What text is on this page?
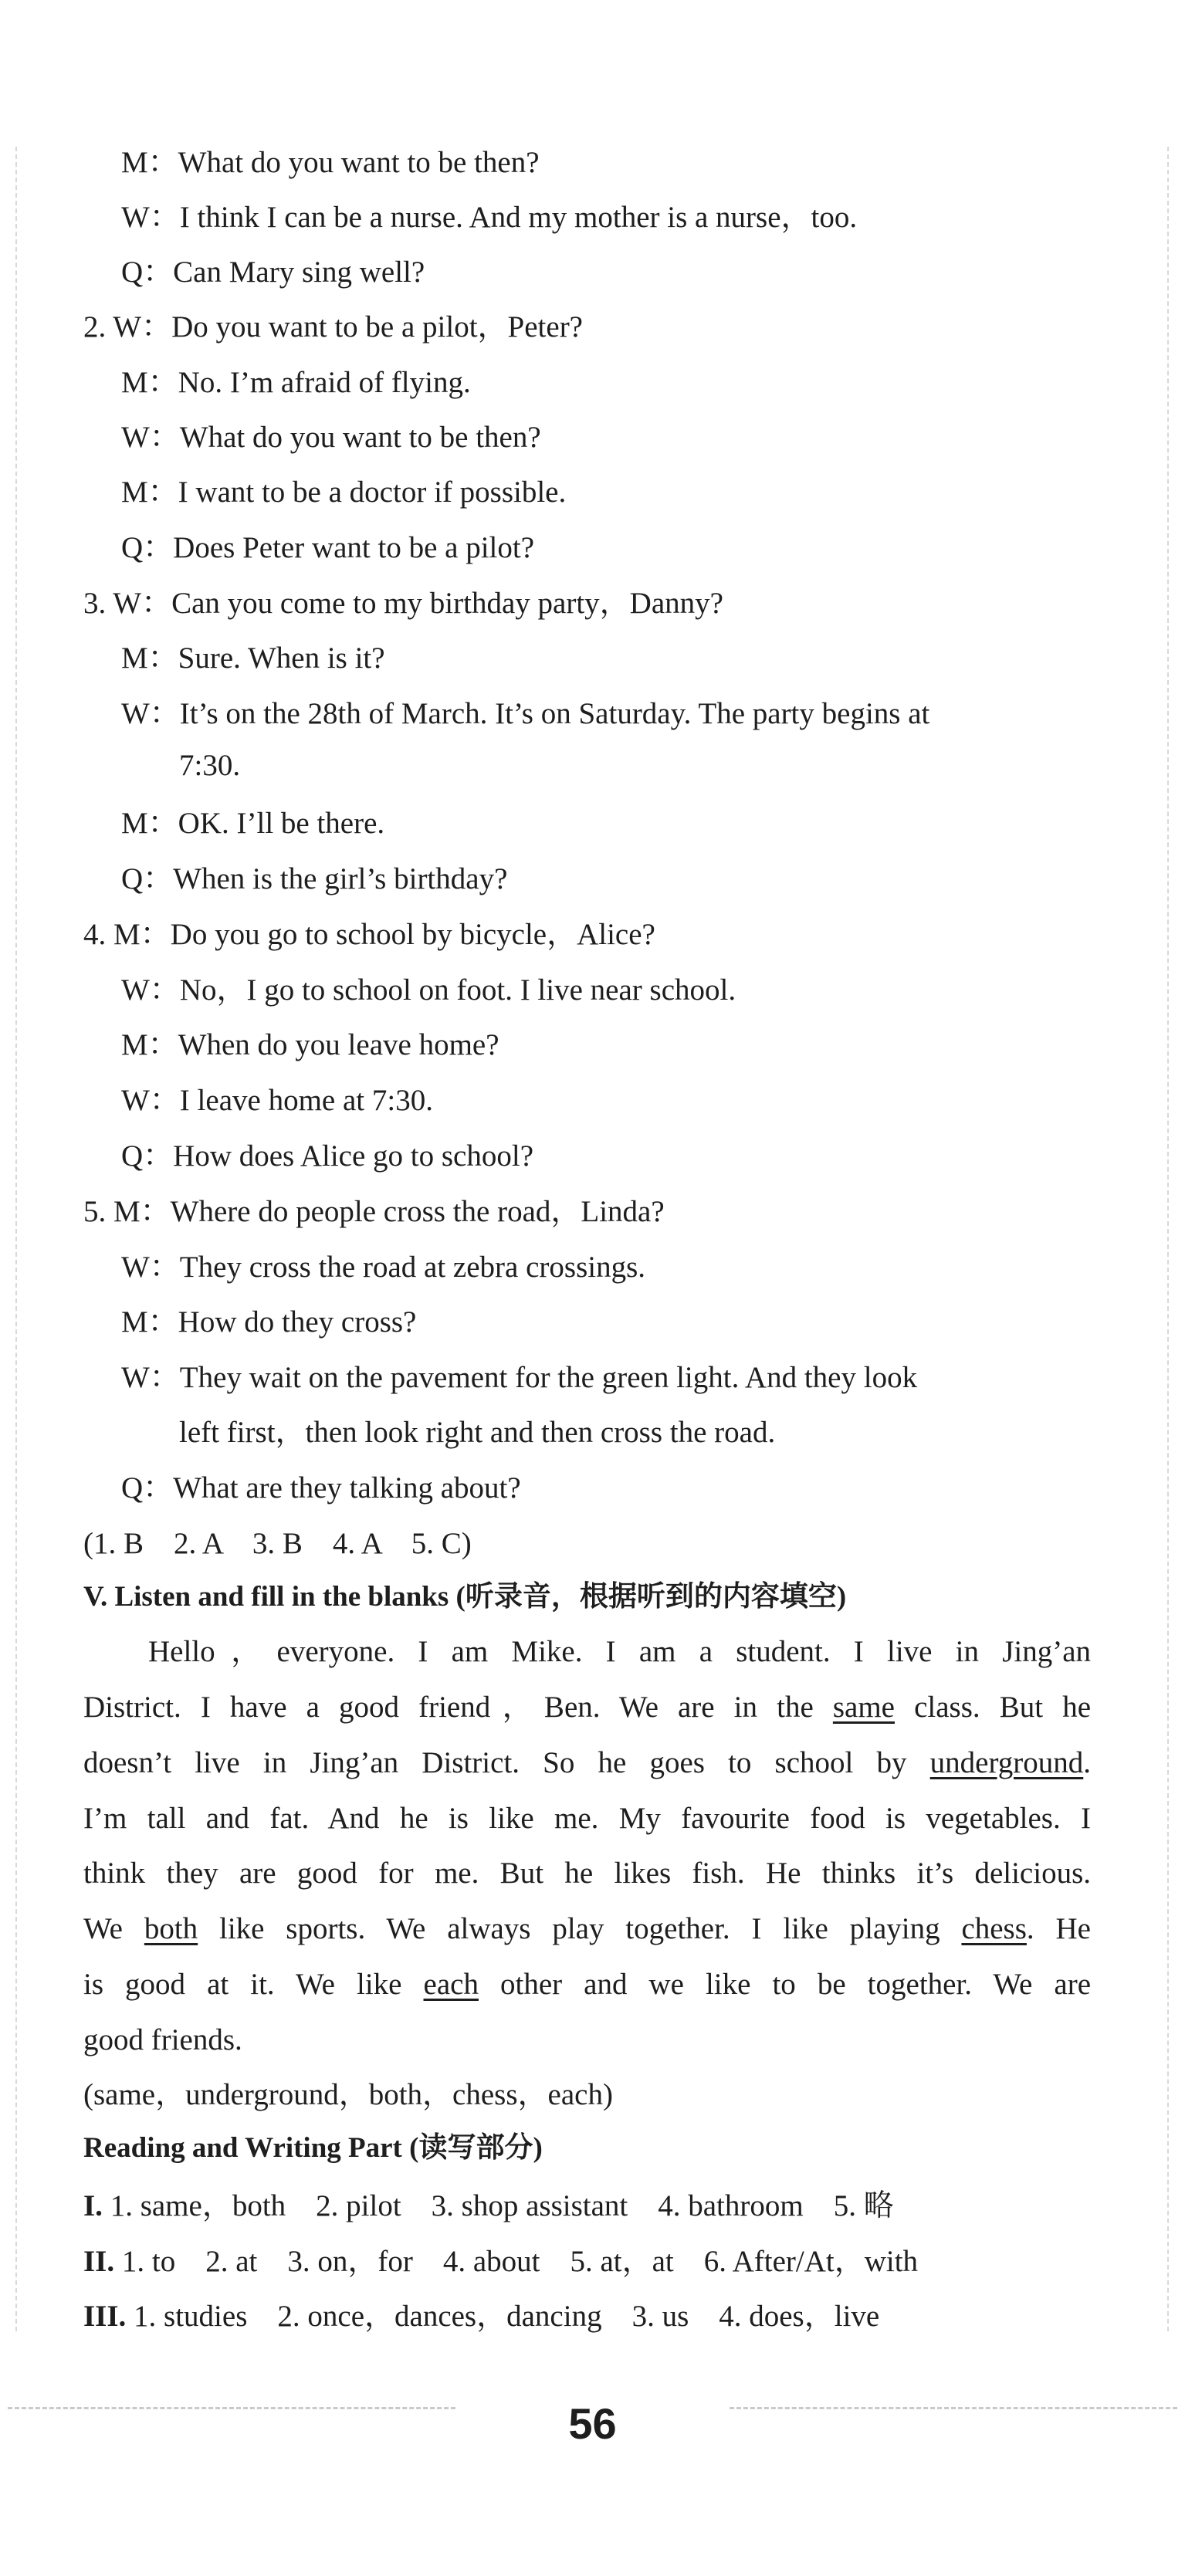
M：What do you want to be then?
W：I think I can be a nurse. And my mother is a nurse，too.
Q：Can Mary sing well?
2. W：Do you want to be a pilot，Peter?
M：No. I’m afraid of flying.
W：What do you want to be then?
M：I want to be a doctor if possible.
Q：Does Peter want to be a pilot?
3. W：Can you come to my birthday party，Danny?
M：Sure. When is it?
W：It’s on the 28th of March. It’s on Saturday. The party begins at
7:30.
M：OK. I’ll be there.
Q：When is the girl’s birthday?
4. M：Do you go to school by bicycle，Alice?
W：No，I go to school on foot. I live near school.
M：When do you leave home?
W：I leave home at 7:30.
Q：How does Alice go to school?
5. M：Where do people cross the road，Linda?
W：They cross the road at zebra crossings.
M：How do they cross?
W：They wait on the pavement for the green light. And they look
left first，then look right and then cross the road.
Q：What are they talking about?
(1. B　2. A　3. B　4. A　5. C)
V. Listen and fill in the blanks (听录音，根据听到的内容填空)
Hello，everyone. I am Mike. I am a student. I live in Jing’an
District. I have a good friend，Ben. We are in the same class. But he
doesn’t live in Jing’an District. So he goes to school by underground.
I’m tall and fat. And he is like me. My favourite food is vegetables. I
think they are good for me. But he likes fish. He thinks it’s delicious.
We both like sports. We always play together. I like playing chess. He
is good at it. We like each other and we like to be together. We are
good friends.
(same，underground，both，chess，each)
Reading and Writing Part (读写部分)
I. 1. same，both　2. pilot　3. shop assistant　4. bathroom　5. 略
II. 1. to　2. at　3. on，for　4. about　5. at，at　6. After/At，with
III. 1. studies　2. once，dances，dancing　3. us　4. does，live
56
